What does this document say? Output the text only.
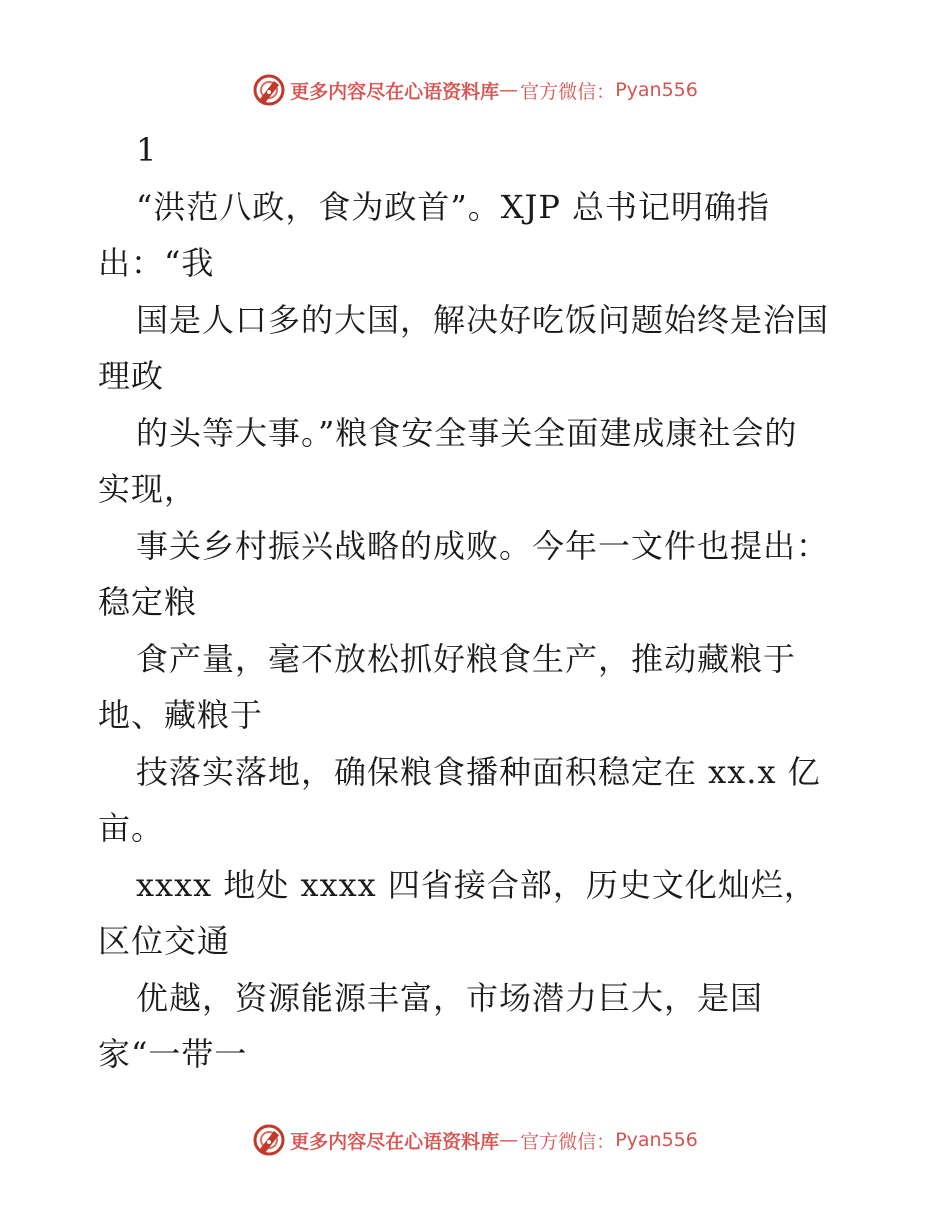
更多内容尽在心语资料库 — 官方微信： Pyan556

1

“洪范八政，食为政首”。XJP 总书记明确指

出：“我

国是人口多的大国，解决好吃饭问题始终是治国

理政

的头等大事。”粮食安全事关全面建成康社会的

实现，

事关乡村振兴战略的成败。今年一文件也提出：

稳定粮

食产量，毫不放松抓好粮食生产，推动藏粮于

地、藏粮于

技落实落地，确保粮食播种面积稳定在 xx.x 亿

亩。

xxxx 地处 xxxx 四省接合部，历史文化灿烂，

区位交通

优越，资源能源丰富，市场潜力巨大，是国

家“一带一

更多内容尽在心语资料库 — 官方微信： Pyan556
